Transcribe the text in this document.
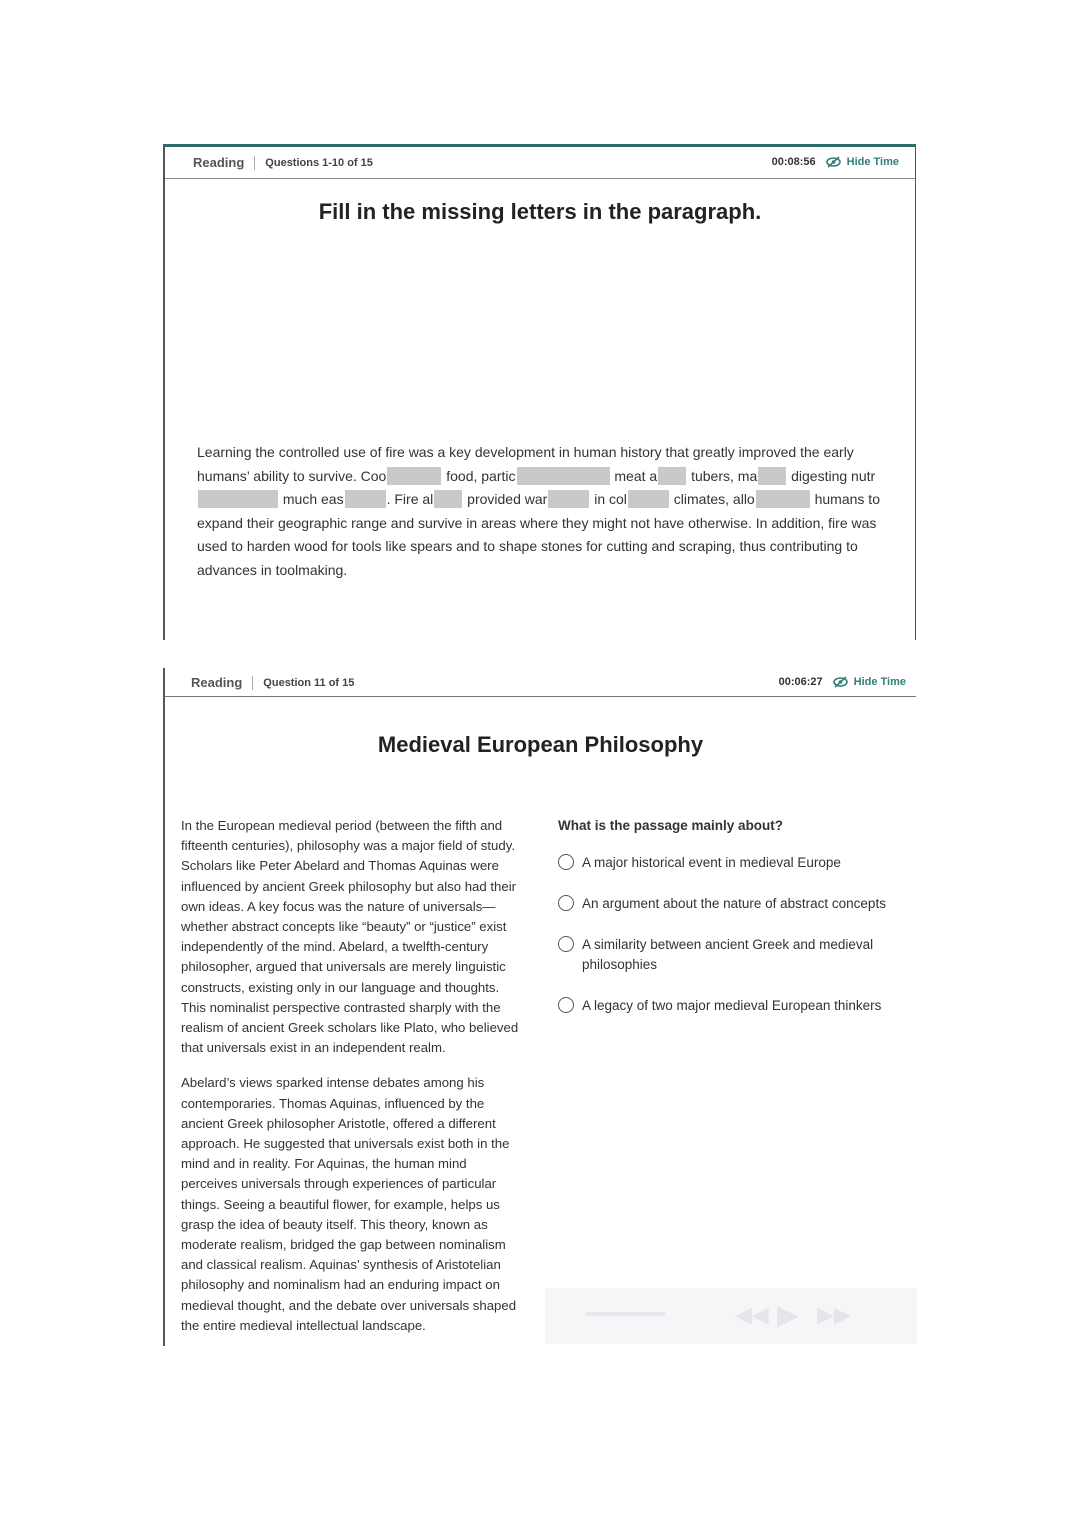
Reading Questions 1-10 of 15	00:08:56	Hide Time
Fill in the missing letters in the paragraph.
Learning the controlled use of fire was a key development in human history that greatly improved the early humans’ ability to survive. Coo	food, partic	meat a tubers, ma digesting nutr much eas	. Fire al provided war	in col	climates, allo	humans to expand their geographic range and survive in areas where they might not have otherwise. In addition, fire was used to harden wood for tools like spears and to shape stones for cutting and scraping, thus contributing to advances in toolmaking.
Reading Question 11 of 15	00:06:27	Hide Time
Medieval European Philosophy

In the European medieval period (between the fifth and fifteenth centuries), philosophy was a major field of study. Scholars like Peter Abelard and Thomas Aquinas were influenced by ancient Greek philosophy but also had their own ideas. A key focus was the nature of universals—whether abstract concepts like “beauty” or “justice” exist independently of the mind. Abelard, a twelfth-century philosopher, argued that universals are merely linguistic constructs, existing only in our language and thoughts. This nominalist perspective contrasted sharply with the realism of ancient Greek scholars like Plato, who believed that universals exist in an independent realm.

Abelard’s views sparked intense debates among his contemporaries. Thomas Aquinas, influenced by the ancient Greek philosopher Aristotle, offered a different approach. He suggested that universals exist both in the mind and in reality. For Aquinas, the human mind perceives universals through experiences of particular things. Seeing a beautiful flower, for example, helps us grasp the idea of beauty itself. This theory, known as moderate realism, bridged the gap between nominalism and classical realism. Aquinas’ synthesis of Aristotelian philosophy and nominalism had an enduring impact on medieval thought, and the debate over universals shaped the entire medieval intellectual landscape.

What is the passage mainly about?
A major historical event in medieval Europe
An argument about the nature of abstract concepts
A similarity between ancient Greek and medieval philosophies
A legacy of two major medieval European thinkers
◀◀ ▶ ▶▶
